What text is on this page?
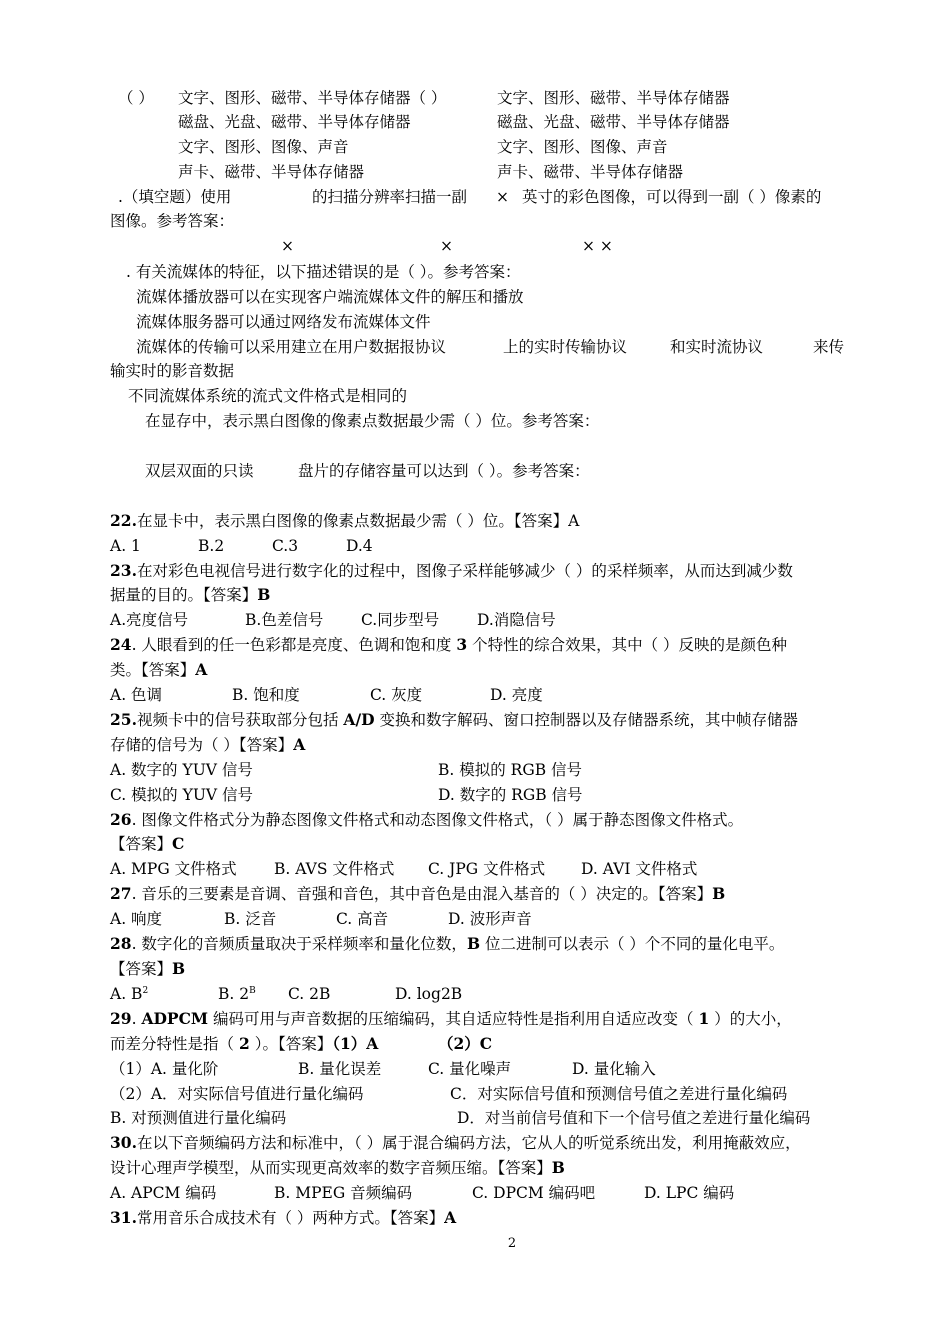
（ ） 文字、图形、磁带、半导体存储器（ ）	文字、图形、磁带、半导体存储器
磁盘、光盘、磁带、半导体存储器	磁盘、光盘、磁带、半导体存储器
文字、图形、图像、声音	文字、图形、图像、声音
声卡、磁带、半导体存储器	声卡、磁带、半导体存储器
.（填空题）使用	的扫描分辨率扫描一副 × 英寸的彩色图像，可以得到一副（ ）像素的
图像。参考答案：
×	×	× ×
. 有关流媒体的特征，以下描述错误的是（ ）。参考答案：
流媒体播放器可以在实现客户端流媒体文件的解压和播放
流媒体服务器可以通过网络发布流媒体文件
流媒体的传输可以采用建立在用户数据报协议	上的实时传输协议	和实时流协议	来传
输实时的影音数据
不同流媒体系统的流式文件格式是相同的
在显存中，表示黑白图像的像素点数据最少需（ ）位。参考答案：
双层双面的只读	盘片的存储容量可以达到（ ）。参考答案：
22.在显卡中，表示黑白图像的像素点数据最少需（ ）位。【答案】A
A. 1	B.2	C.3	D.4
23.在对彩色电视信号进行数字化的过程中，图像子采样能够减少（ ）的采样频率，从而达到减少数
据量的目的。【答案】B
A.亮度信号	B.色差信号 C.同步型号 D.消隐信号
24. 人眼看到的任一色彩都是亮度、色调和饱和度 3 个特性的综合效果，其中（ ）反映的是颜色种
类。【答案】A
A. 色调	B. 饱和度	C. 灰度	D. 亮度
25.视频卡中的信号获取部分包括 A/D 变换和数字解码、窗口控制器以及存储器系统，其中帧存储器
存储的信号为（ ）【答案】A
A. 数字的 YUV 信号	B. 模拟的 RGB 信号
C. 模拟的 YUV 信号	D. 数字的 RGB 信号
26. 图像文件格式分为静态图像文件格式和动态图像文件格式，（ ）属于静态图像文件格式。
【答案】C
A. MPG 文件格式 B. AVS 文件格式 C. JPG 文件格式 D. AVI 文件格式
27. 音乐的三要素是音调、音强和音色，其中音色是由混入基音的（ ）决定的。【答案】B
A. 响度	B. 泛音	C. 高音	D. 波形声音
28. 数字化的音频质量取决于采样频率和量化位数，B 位二进制可以表示（ ）个不同的量化电平。
【答案】B
A. $B^2$	B. $2^B$ C. 2B	D. log2B
29. ADPCM 编码可用与声音数据的压缩编码，其自适应特性是指利用自适应改变（ 1 ）的大小，
而差分特性是指（ 2 ）。【答案】（1）A	（2）C
（1）A. 量化阶	B. 量化误差	C. 量化噪声	D. 量化输入
（2）A．对实际信号值进行量化编码	C．对实际信号值和预测信号值之差进行量化编码
B. 对预测值进行量化编码	D．对当前信号值和下一个信号值之差进行量化编码
30.在以下音频编码方法和标准中，（ ）属于混合编码方法，它从人的听觉系统出发，利用掩蔽效应，
设计心理声学模型，从而实现更高效率的数字音频压缩。【答案】B
A. APCM 编码	B. MPEG 音频编码	C. DPCM 编码吧	D. LPC 编码
31.常用音乐合成技术有（ ）两种方式。【答案】A
2
